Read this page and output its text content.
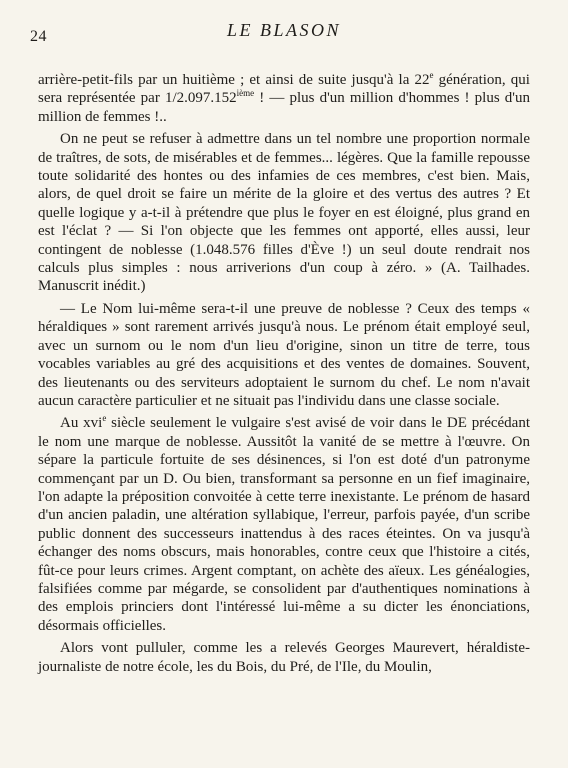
24	LE BLASON

arrière-petit-fils par un huitième ; et ainsi de suite jusqu'à la 22e génération, qui sera représentée par 1/2.097.152ième ! — plus d'un million d'hommes ! plus d'un million de femmes !..

On ne peut se refuser à admettre dans un tel nombre une proportion normale de traîtres, de sots, de misérables et de femmes... légères. Que la famille repousse toute solidarité des hontes ou des infamies de ces membres, c'est bien. Mais, alors, de quel droit se faire un mérite de la gloire et des vertus des autres ? Et quelle logique y a-t-il à prétendre que plus le foyer en est éloigné, plus grand en est l'éclat ? — Si l'on objecte que les femmes ont apporté, elles aussi, leur contingent de noblesse (1.048.576 filles d'Ève !) un seul doute rendrait nos calculs plus simples : nous arriverions d'un coup à zéro. » (A. Tailhades. Manuscrit inédit.)

— Le Nom lui-même sera-t-il une preuve de noblesse ? Ceux des temps « héraldiques » sont rarement arrivés jusqu'à nous. Le prénom était employé seul, avec un surnom ou le nom d'un lieu d'origine, sinon un titre de terre, tous vocables variables au gré des acquisitions et des ventes de domaines. Souvent, des lieutenants ou des serviteurs adoptaient le surnom du chef. Le nom n'avait aucun caractère particulier et ne situait pas l'individu dans une classe sociale.

Au xvi$^e$ siècle seulement le vulgaire s'est avisé de voir dans le DE précédant le nom une marque de noblesse. Aussitôt la vanité de se mettre à l'œuvre. On sépare la particule fortuite de ses désinences, si l'on est doté d'un patronyme commençant par un D. Ou bien, transformant sa personne en un fief imaginaire, l'on adapte la préposition convoitée à cette terre inexistante. Le prénom de hasard d'un ancien paladin, une altération syllabique, l'erreur, parfois payée, d'un scribe public donnent des successeurs inattendus à des races éteintes. On va jusqu'à échanger des noms obscurs, mais honorables, contre ceux que l'histoire a cités, fût-ce pour leurs crimes. Argent comptant, on achète des aïeux. Les généalogies, falsifiées comme par mégarde, se consolident par d'authentiques nominations à des emplois princiers dont l'intéressé lui-même a su dicter les énonciations, désormais officielles.

Alors vont pulluler, comme les a relevés Georges Maurevert, héraldiste-journaliste de notre école, les du Bois, du Pré, de l'Ile, du Moulin,
